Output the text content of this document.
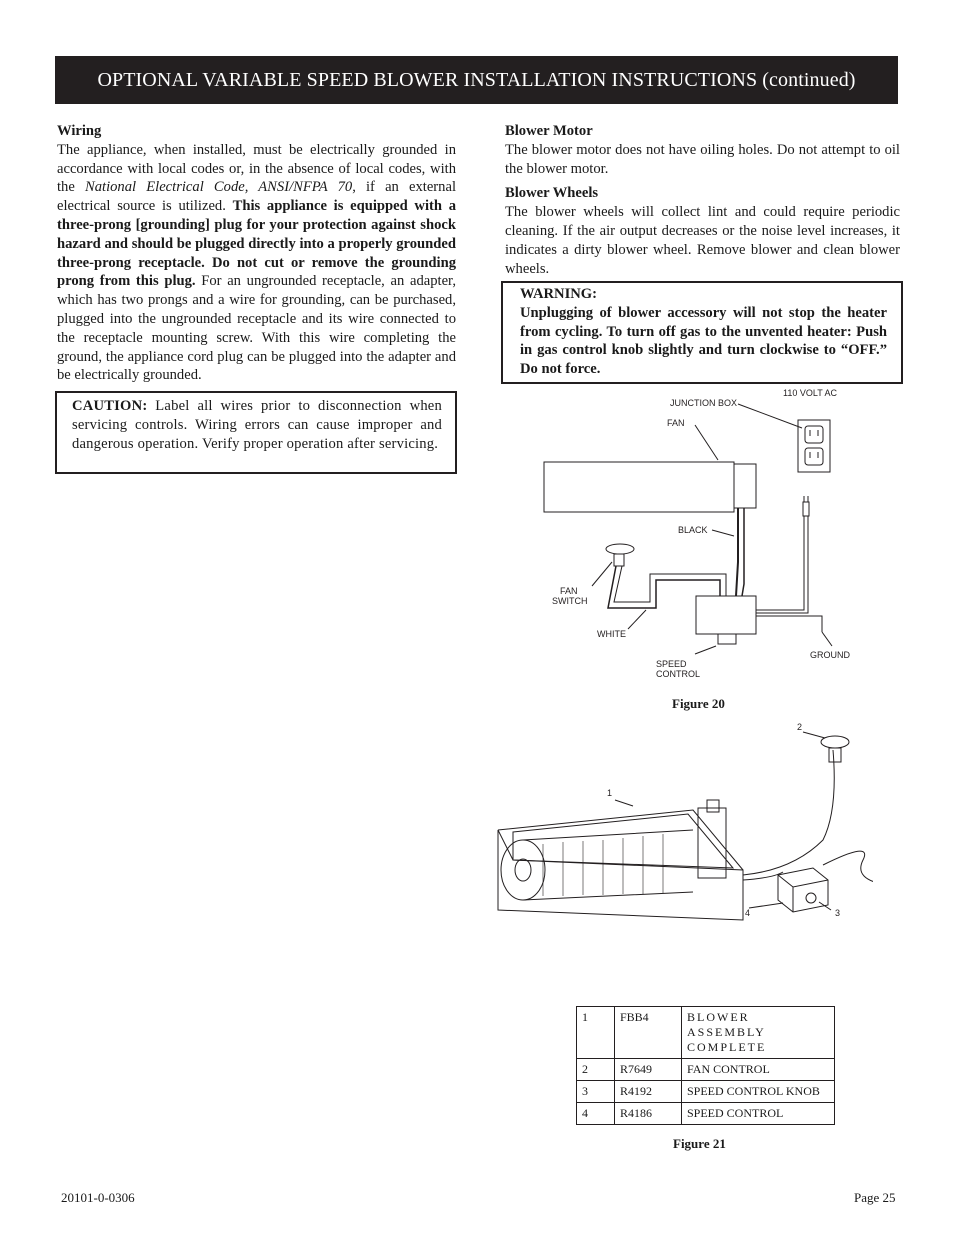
OPTIONAL VARIABLE SPEED BLOWER INSTALLATION INSTRUCTIONS (continued)

Wiring

The appliance, when installed, must be electrically grounded in accordance with local codes or, in the absence of local codes, with the National Electrical Code, ANSI/NFPA 70, if an external electrical source is utilized. This appliance is equipped with a three-prong [grounding] plug for your protection against shock hazard and should be plugged directly into a properly grounded three-prong receptacle. Do not cut or remove the grounding prong from this plug. For an ungrounded receptacle, an adapter, which has two prongs and a wire for grounding, can be purchased, plugged into the ungrounded receptacle and its wire connected to the receptacle mounting screw. With this wire completing the ground, the appliance cord plug can be plugged into the adapter and be electrically grounded.

CAUTION: Label all wires prior to disconnection when servicing controls. Wiring errors can cause improper and dangerous operation. Verify proper operation after servicing.

Blower Motor

The blower motor does not have oiling holes. Do not attempt to oil the blower motor.

Blower Wheels

The blower wheels will collect lint and could require periodic cleaning. If the air output decreases or the noise level increases, it indicates a dirty blower wheel. Remove blower and clean blower wheels.

WARNING:

Unplugging of blower accessory will not stop the heater from cycling. To turn off gas to the unvented heater: Push in gas control knob slightly and turn clockwise to “OFF.” Do not force.

110 VOLT AC
JUNCTION BOX
FAN
BLACK
FAN
SWITCH
WHITE
SPEED
CONTROL
GROUND
Figure 20
1
2
3
4
1	FBB4	BLOWER ASSEMBLY COMPLETE
2	R7649	FAN CONTROL
3	R4192	SPEED CONTROL KNOB
4	R4186	SPEED CONTROL
Figure 21
20101-0-0306	Page 25
